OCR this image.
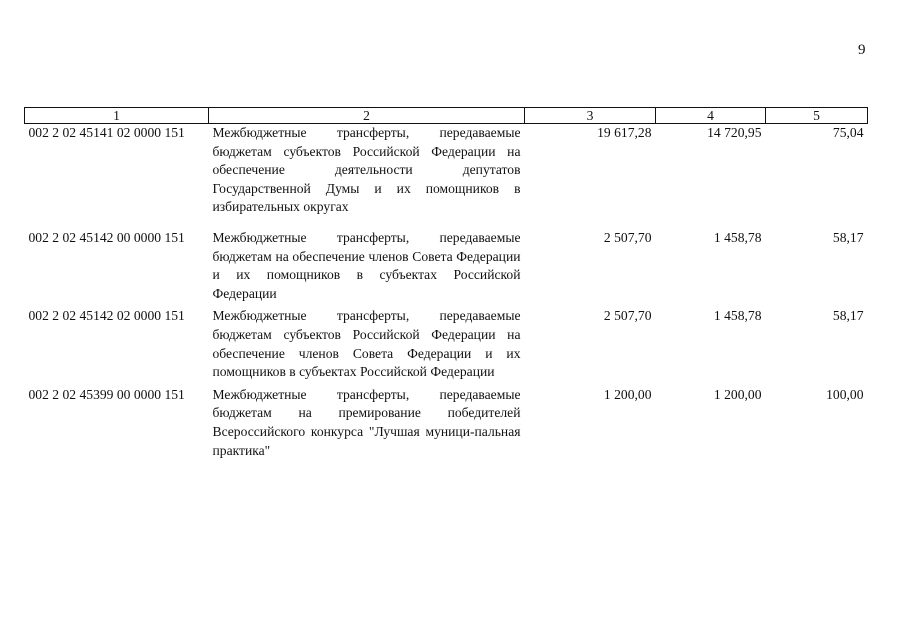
9
1	2	3	4	5
002 2 02 45141 02 0000 151	Межбюджетные трансферты, передаваемые бюджетам субъектов Российской Федерации на обеспечение деятельности депутатов Государственной Думы и их помощников в избирательных округах	19 617,28	14 720,95	75,04
002 2 02 45142 00 0000 151	Межбюджетные трансферты, передаваемые бюджетам на обеспечение членов Совета Федерации и их помощников в субъектах Российской Федерации	2 507,70	1 458,78	58,17
002 2 02 45142 02 0000 151	Межбюджетные трансферты, передаваемые бюджетам субъектов Российской Федерации на обеспечение членов Совета Федерации и их помощников в субъектах Российской Федерации	2 507,70	1 458,78	58,17
002 2 02 45399 00 0000 151	Межбюджетные трансферты, передаваемые бюджетам на премирование победителей Всероссийского конкурса "Лучшая муници-пальная практика"	1 200,00	1 200,00	100,00
